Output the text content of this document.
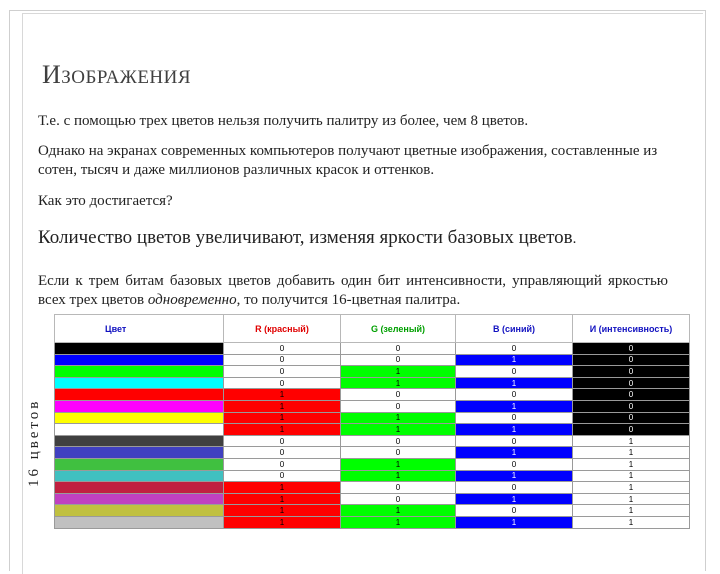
ИЗОБРАЖЕНИЯ
Т.е. с помощью трех цветов нельзя получить палитру из более, чем 8 цветов.
Однако на экранах современных компьютеров получают цветные изображения, составленные из сотен, тысяч и даже миллионов различных красок и оттенков.
Как это достигается?
Количество цветов увеличивают, изменяя яркости базовых цветов.
Если к трем битам базовых цветов добавить один бит интенсивности, управляющий яркостью всех трех цветов одновременно, то получится 16-цветная палитра.
16 цветов
Цвет	R (красный)	G (зеленый)	B (синий)	И (интенсивность)
	0	0	0	0
	0	0	1	0
	0	1	0	0
	0	1	1	0
	1	0	0	0
	1	0	1	0
	1	1	0	0
	1	1	1	0
	0	0	0	1
	0	0	1	1
	0	1	0	1
	0	1	1	1
	1	0	0	1
	1	0	1	1
	1	1	0	1
	1	1	1	1
